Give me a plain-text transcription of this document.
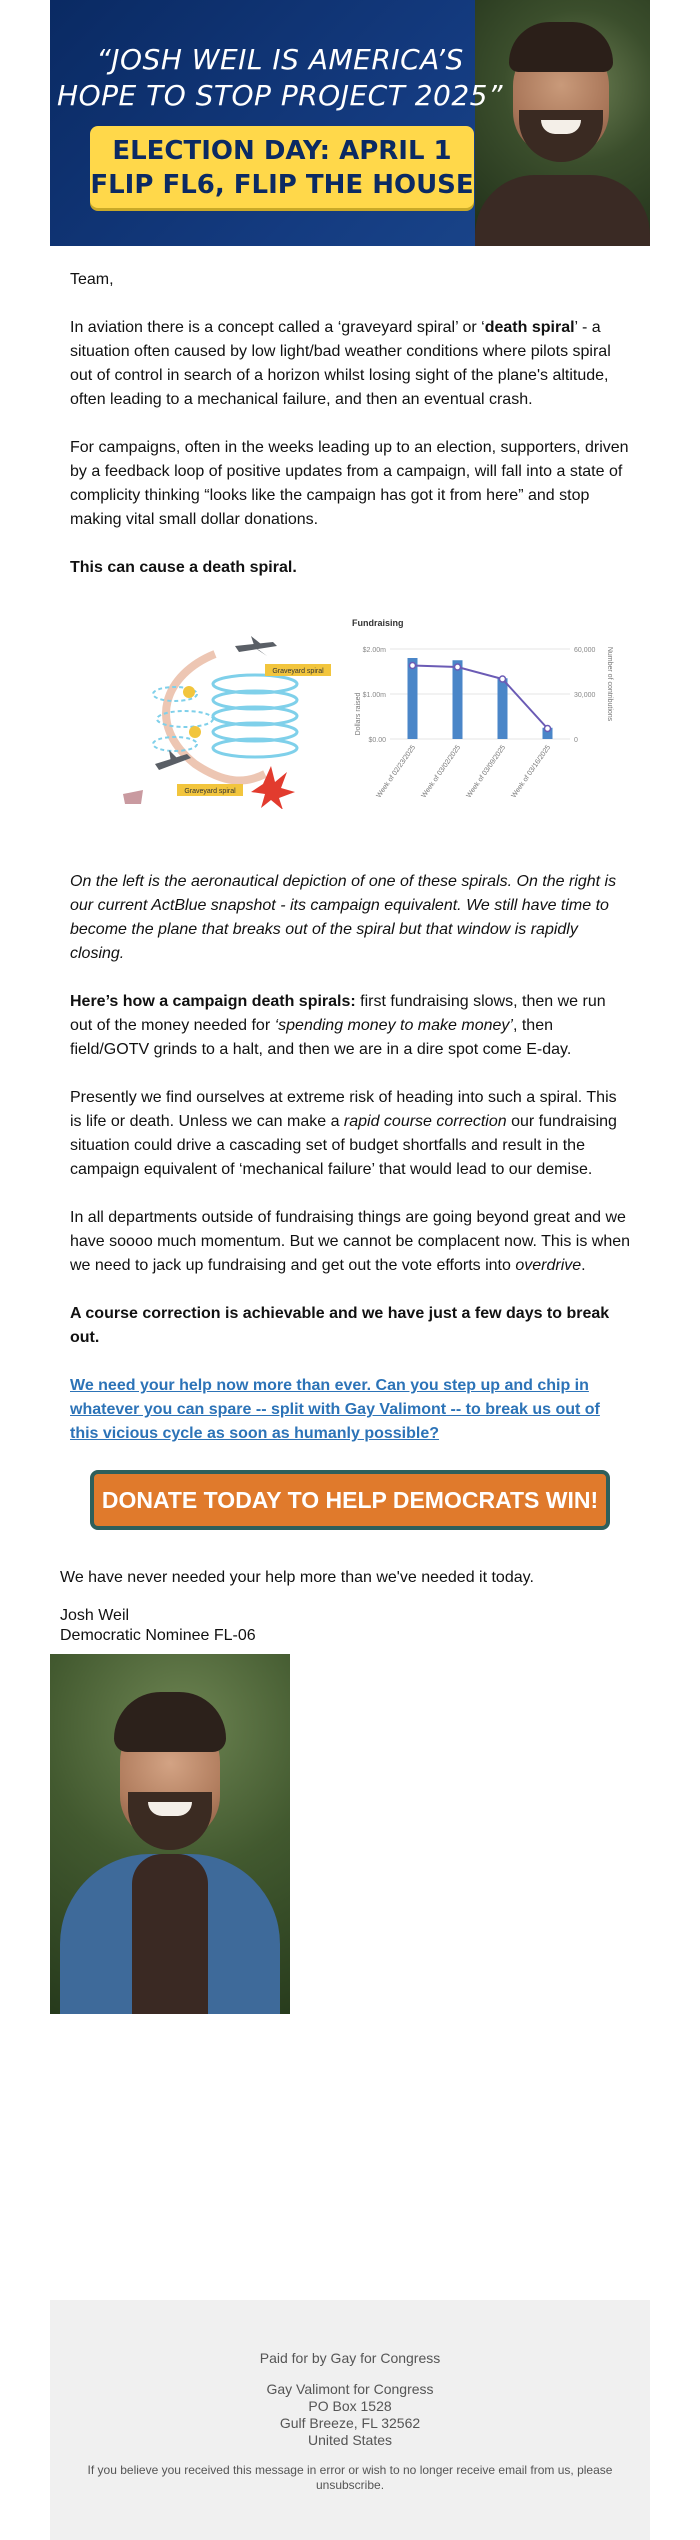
“JOSH WEIL IS AMERICA’S
HOPE TO STOP PROJECT 2025”
ELECTION DAY: APRIL 1
FLIP FL6, FLIP THE HOUSE

Team,

In aviation there is a concept called a ‘graveyard spiral’ or ‘death spiral’ - a situation often caused by low light/bad weather conditions where pilots spiral out of control in search of a horizon whilst losing sight of the plane's altitude, often leading to a mechanical failure, and then an eventual crash.

For campaigns, often in the weeks leading up to an election, supporters, driven by a feedback loop of positive updates from a campaign, will fall into a state of complicity thinking “looks like the campaign has got it from here” and stop making vital small dollar donations.

This can cause a death spiral.

Graveyard spiral
Graveyard spiral
Fundraising
Dollars raised	Number of contributions
$0.00
$1.00m
$2.00m
0
30,000
60,000
Week of 02/23/2025 Week of 03/02/2025 Week of 03/09/2025 Week of 03/16/2025

On the left is the aeronautical depiction of one of these spirals. On the right is our current ActBlue snapshot - its campaign equivalent. We still have time to become the plane that breaks out of the spiral but that window is rapidly closing.

Here’s how a campaign death spirals: first fundraising slows, then we run out of the money needed for ‘spending money to make money’, then field/GOTV grinds to a halt, and then we are in a dire spot come E-day.

Presently we find ourselves at extreme risk of heading into such a spiral. This is life or death. Unless we can make a rapid course correction our fundraising situation could drive a cascading set of budget shortfalls and result in the campaign equivalent of ‘mechanical failure’ that would lead to our demise.

In all departments outside of fundraising things are going beyond great and we have soooo much momentum. But we cannot be complacent now. This is when we need to jack up fundraising and get out the vote efforts into overdrive.

A course correction is achievable and we have just a few days to break out.

We need your help now more than ever. Can you step up and chip in whatever you can spare -- split with Gay Valimont -- to break us out of this vicious cycle as soon as humanly possible?

DONATE TODAY TO HELP DEMOCRATS WIN!

We have never needed your help more than we've needed it today.

Josh Weil
Democratic Nominee FL-06

Paid for by Gay for Congress

Gay Valimont for Congress
PO Box 1528
Gulf Breeze, FL 32562

United States

If you believe you received this message in error or wish to no longer receive email from us, please unsubscribe.
